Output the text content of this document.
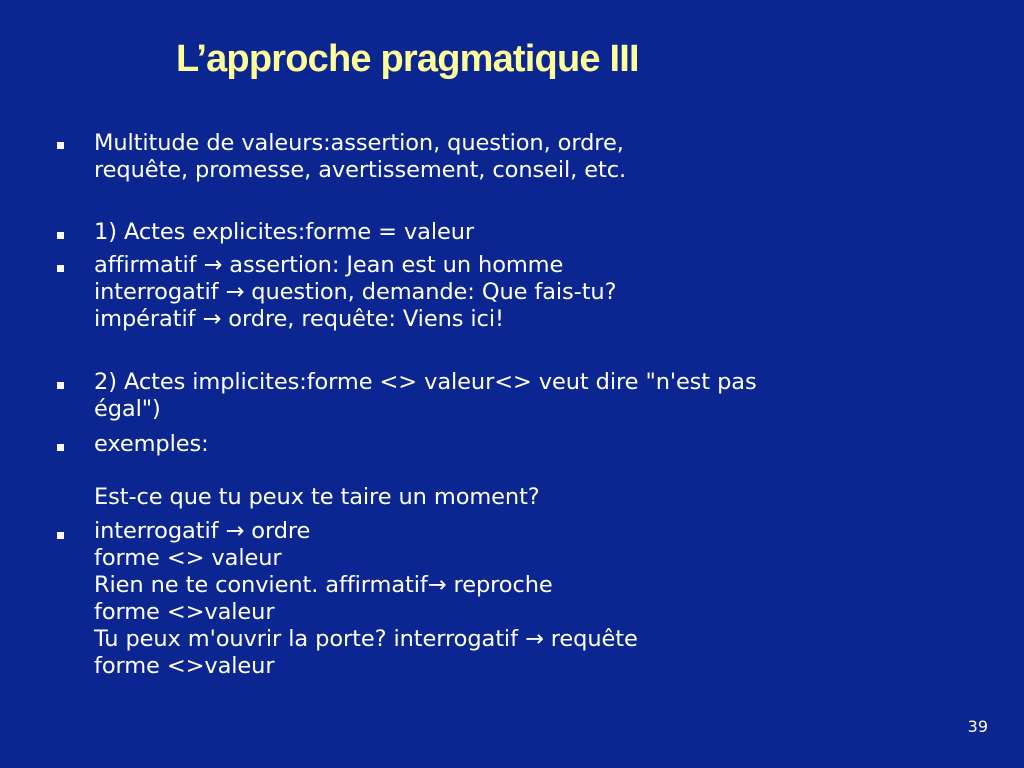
L’approche pragmatique III
Multitude de valeurs:assertion, question, ordre,
requête, promesse, avertissement, conseil, etc.
1) Actes explicites:forme = valeur
affirmatif → assertion: Jean est un homme
interrogatif → question, demande: Que fais-tu?
impératif → ordre, requête: Viens ici!
2) Actes implicites:forme <> valeur<> veut dire "n'est pas
égal")
exemples:
Est-ce que tu peux te taire un moment?
interrogatif → ordre
forme <> valeur
Rien ne te convient. affirmatif→ reproche
forme <>valeur
Tu peux m'ouvrir la porte? interrogatif → requête
forme <>valeur
39
